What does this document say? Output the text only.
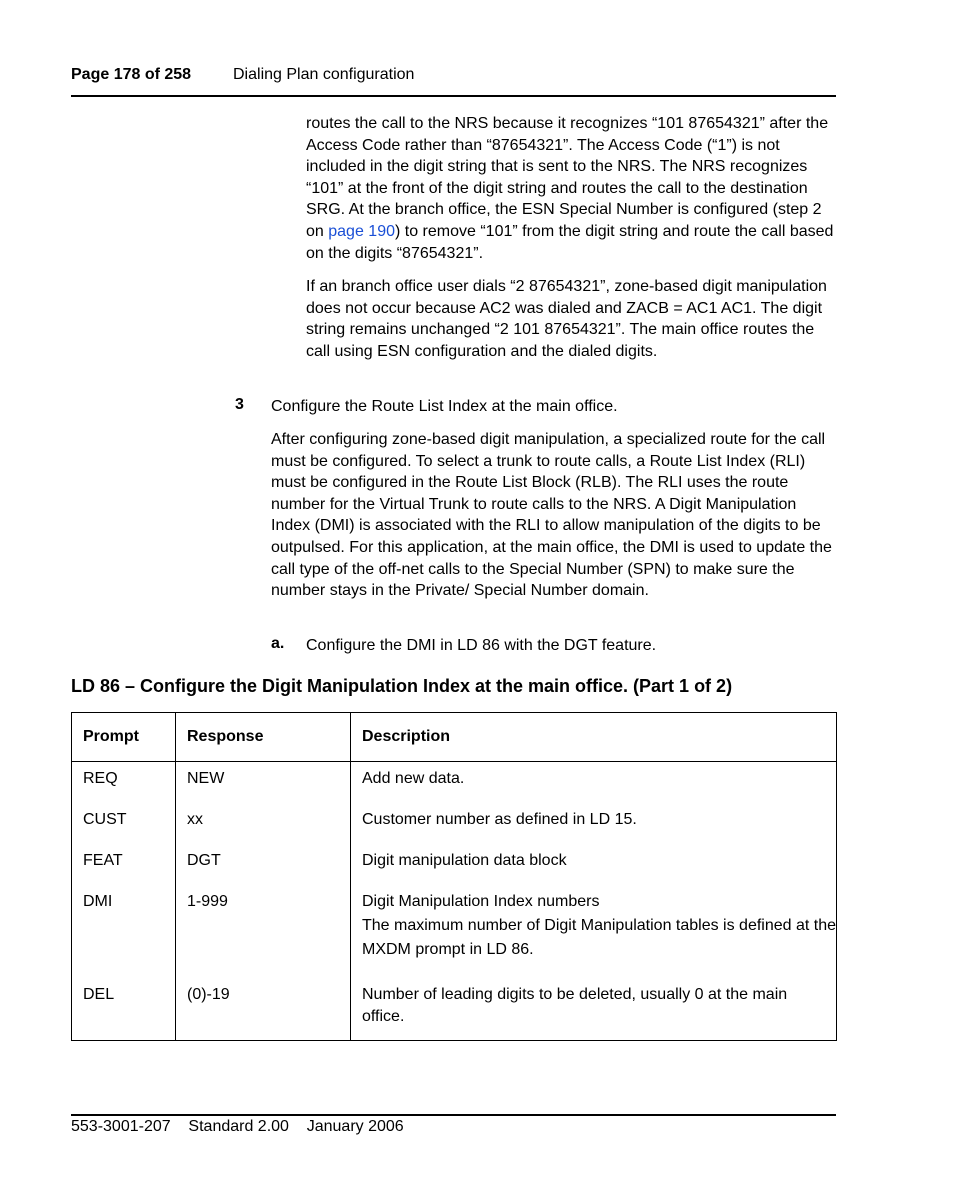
Page 178 of 258	Dialing Plan configuration
routes the call to the NRS because it recognizes “101 87654321” after the Access Code rather than “87654321”. The Access Code (“1”) is not included in the digit string that is sent to the NRS. The NRS recognizes “101” at the front of the digit string and routes the call to the destination SRG. At the branch office, the ESN Special Number is configured (step 2 on page 190) to remove “101” from the digit string and route the call based on the digits “87654321”.
If an branch office user dials “2 87654321”, zone-based digit manipulation does not occur because AC2 was dialed and ZACB = AC1 AC1. The digit string remains unchanged “2 101 87654321”. The main office routes the call using ESN configuration and the dialed digits.
3 Configure the Route List Index at the main office.
After configuring zone-based digit manipulation, a specialized route for the call must be configured. To select a trunk to route calls, a Route List Index (RLI) must be configured in the Route List Block (RLB). The RLI uses the route number for the Virtual Trunk to route calls to the NRS. A Digit Manipulation Index (DMI) is associated with the RLI to allow manipulation of the digits to be outpulsed. For this application, at the main office, the DMI is used to update the call type of the off-net calls to the Special Number (SPN) to make sure the number stays in the Private/ Special Number domain.
a. Configure the DMI in LD 86 with the DGT feature.
LD 86 – Configure the Digit Manipulation Index at the main office. (Part 1 of 2)
Prompt	Response	Description
REQ	NEW	Add new data.

CUST	xx	Customer number as defined in LD 15.

FEAT	DGT	Digit manipulation data block

DMI	1-999	Digit Manipulation Index numbers
The maximum number of Digit Manipulation tables is defined at the MXDM prompt in LD 86.

DEL	(0)-19	Number of leading digits to be deleted, usually 0 at the main office.
553-3001-207 Standard 2.00 January 2006
